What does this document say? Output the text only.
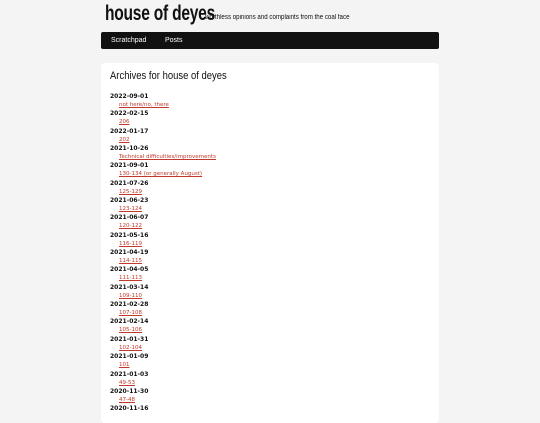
house of deyes
worthless opinions and complaints from the coal face
Scratchpad	Posts
Archives for house of deyes
2022-09-01
not here/no, there
2022-02-15
206
2022-01-17
202
2021-10-26
Technical difficulties/improvements
2021-09-01
130-134 (or generally August)
2021-07-26
125-129
2021-06-23
123-124
2021-06-07
120-122
2021-05-16
116-119
2021-04-19
114-115
2021-04-05
111-113
2021-03-14
109-110
2021-02-28
107-108
2021-02-14
105-106
2021-01-31
102-104
2021-01-09
101
2021-01-03
49-53
2020-11-30
47-48
2020-11-16
